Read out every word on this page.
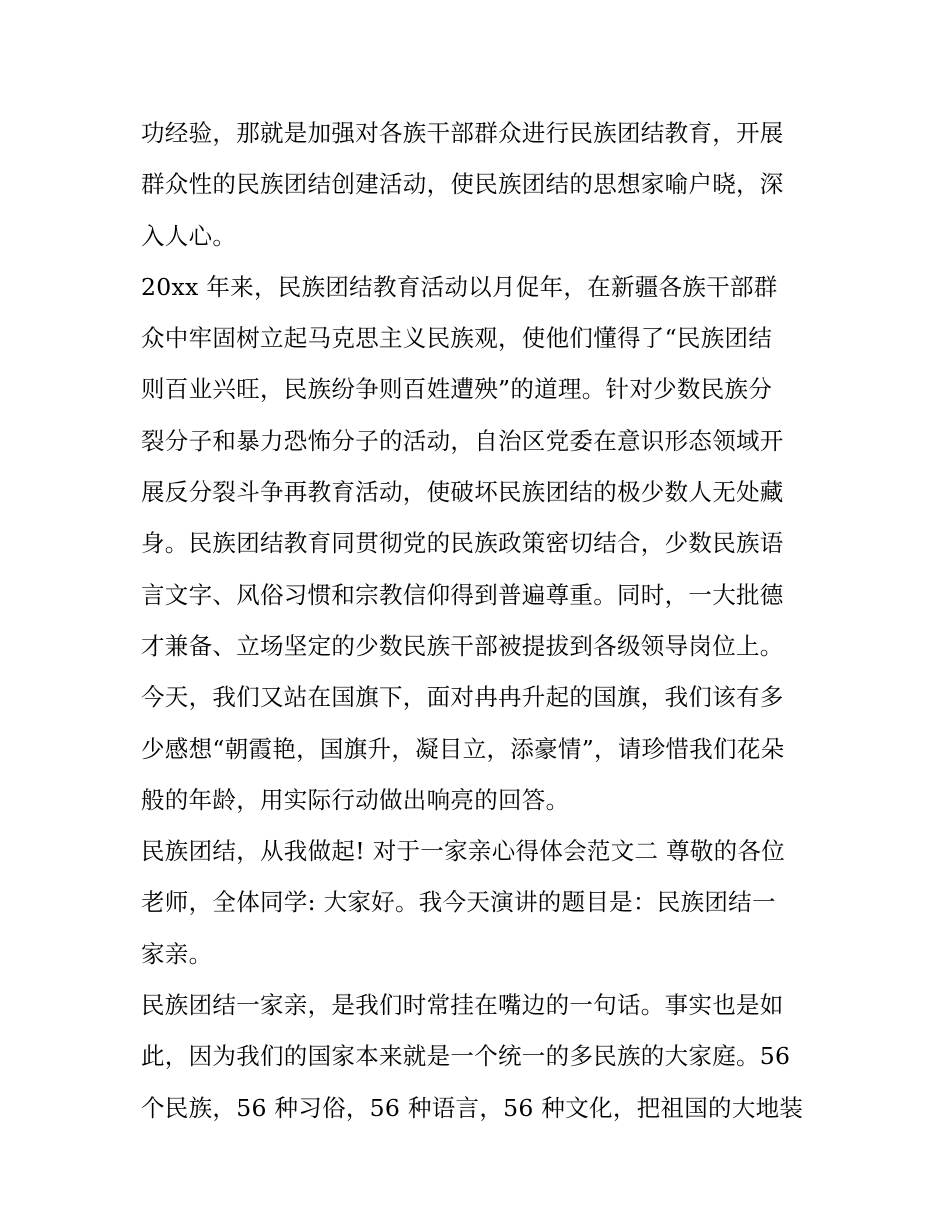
功经验，那就是加强对各族干部群众进行民族团结教育，开展
群众性的民族团结创建活动，使民族团结的思想家喻户晓，深
入人心。
20xx 年来，民族团结教育活动以月促年，在新疆各族干部群
众中牢固树立起马克思主义民族观，使他们懂得了“民族团结
则百业兴旺，民族纷争则百姓遭殃”的道理。针对少数民族分
裂分子和暴力恐怖分子的活动，自治区党委在意识形态领域开
展反分裂斗争再教育活动，使破坏民族团结的极少数人无处藏
身。民族团结教育同贯彻党的民族政策密切结合，少数民族语
言文字、风俗习惯和宗教信仰得到普遍尊重。同时，一大批德
才兼备、立场坚定的少数民族干部被提拔到各级领导岗位上。
今天，我们又站在国旗下，面对冉冉升起的国旗，我们该有多
少感想“朝霞艳，国旗升，凝目立，添豪情”，请珍惜我们花朵
般的年龄，用实际行动做出响亮的回答。
民族团结，从我做起! 对于一家亲心得体会范文二 尊敬的各位
老师，全体同学: 大家好。我今天演讲的题目是：民族团结一
家亲。
民族团结一家亲，是我们时常挂在嘴边的一句话。事实也是如
此，因为我们的国家本来就是一个统一的多民族的大家庭。56
个民族，56 种习俗，56 种语言，56 种文化，把祖国的大地装
